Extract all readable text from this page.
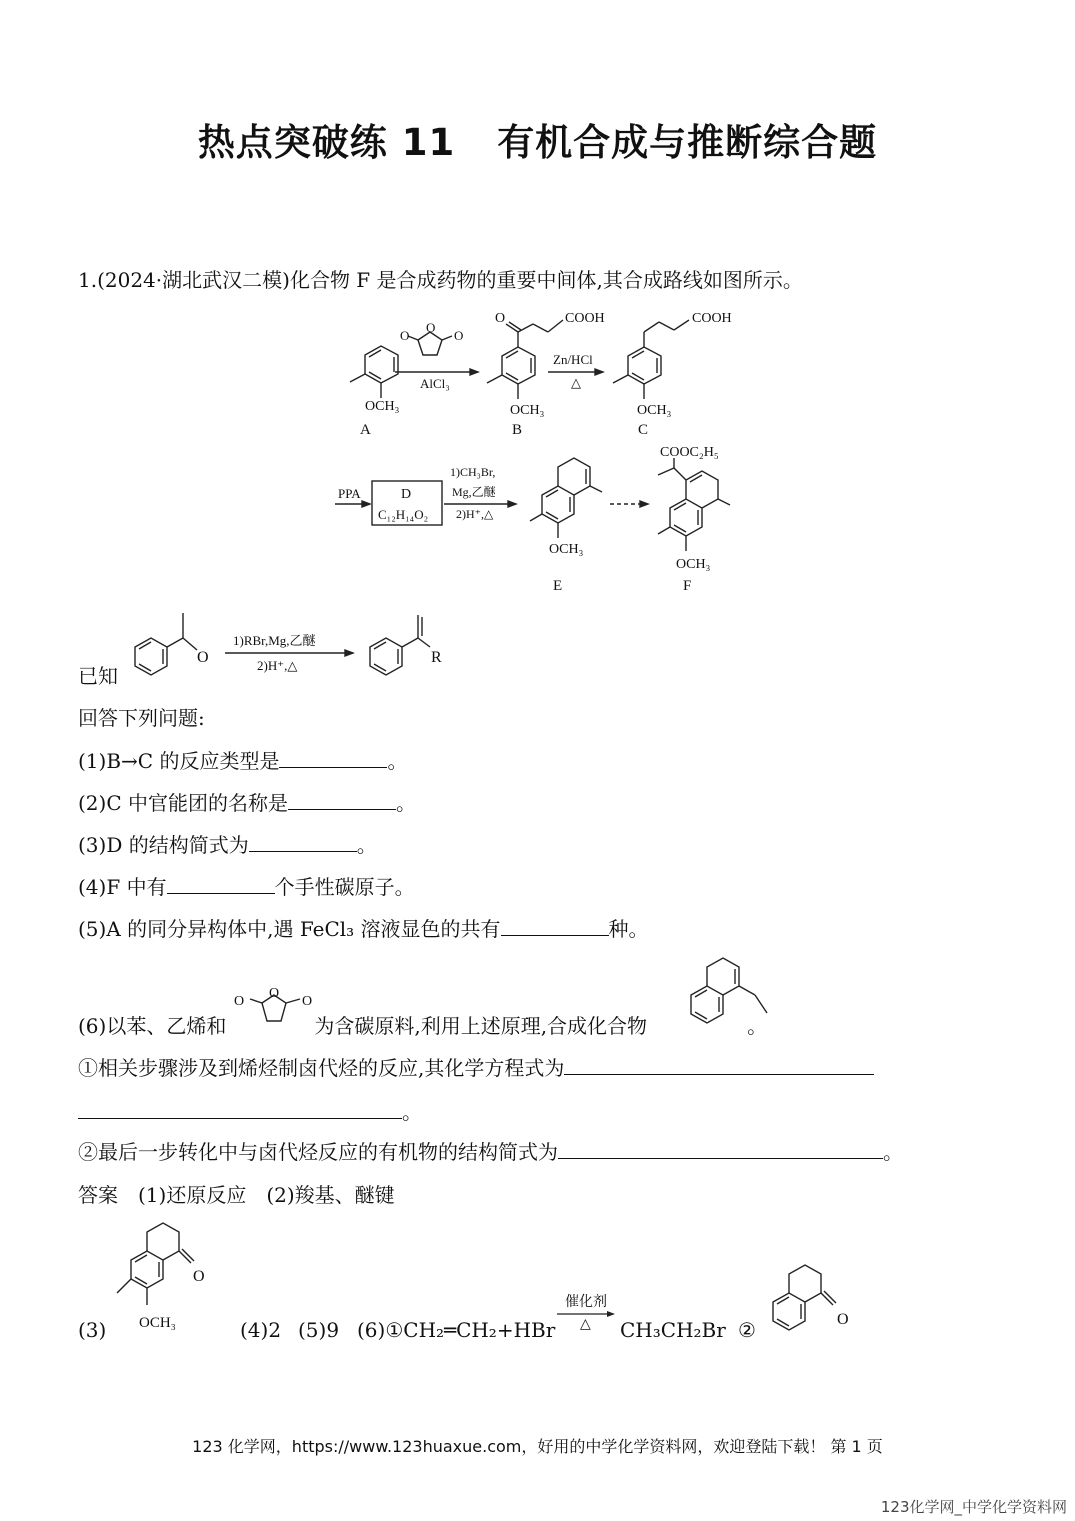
热点突破练 11 有机合成与推断综合题
1.(2024·湖北武汉二模)化合物 F 是合成药物的重要中间体,其合成路线如图所示。
OCH₃
A
O
O
O
AlCl₃
O	COOH
OCH₃
B
Zn/HCl
△
COOH
OCH₃
C
PPA	D
C₁₂H₁₄O₂
1)CH₃Br,
Mg,乙醚
2)H⁺,△
OCH₃
E
COOC₂H₅
OCH₃
F
已知
O
1)RBr,Mg,乙醚
2)H⁺,△	R
回答下列问题:
(1)B→C 的反应类型是	。
(2)C 中官能团的名称是	。
(3)D 的结构简式为	。
(4)F 中有	个手性碳原子。
(5)A 的同分异构体中,遇 FeCl₃ 溶液显色的共有	种。
(6)以苯、乙烯和	为含碳原料,利用上述原理,合成化合物	。
O
O
O
①相关步骤涉及到烯烃制卤代烃的反应,其化学方程式为
。
②最后一步转化中与卤代烃反应的有机物的结构简式为	。
答案　(1)还原反应　(2)羧基、醚键
(3)
O
OCH₃	(4)2 (5)9 (6)①CH₂═CH₂+HBr
催化剂
△ CH₃CH₂Br ②	O
123 化学网，https://www.123huaxue.com，好用的中学化学资料网，欢迎登陆下载！ 第 1 页
123化学网_中学化学资料网
